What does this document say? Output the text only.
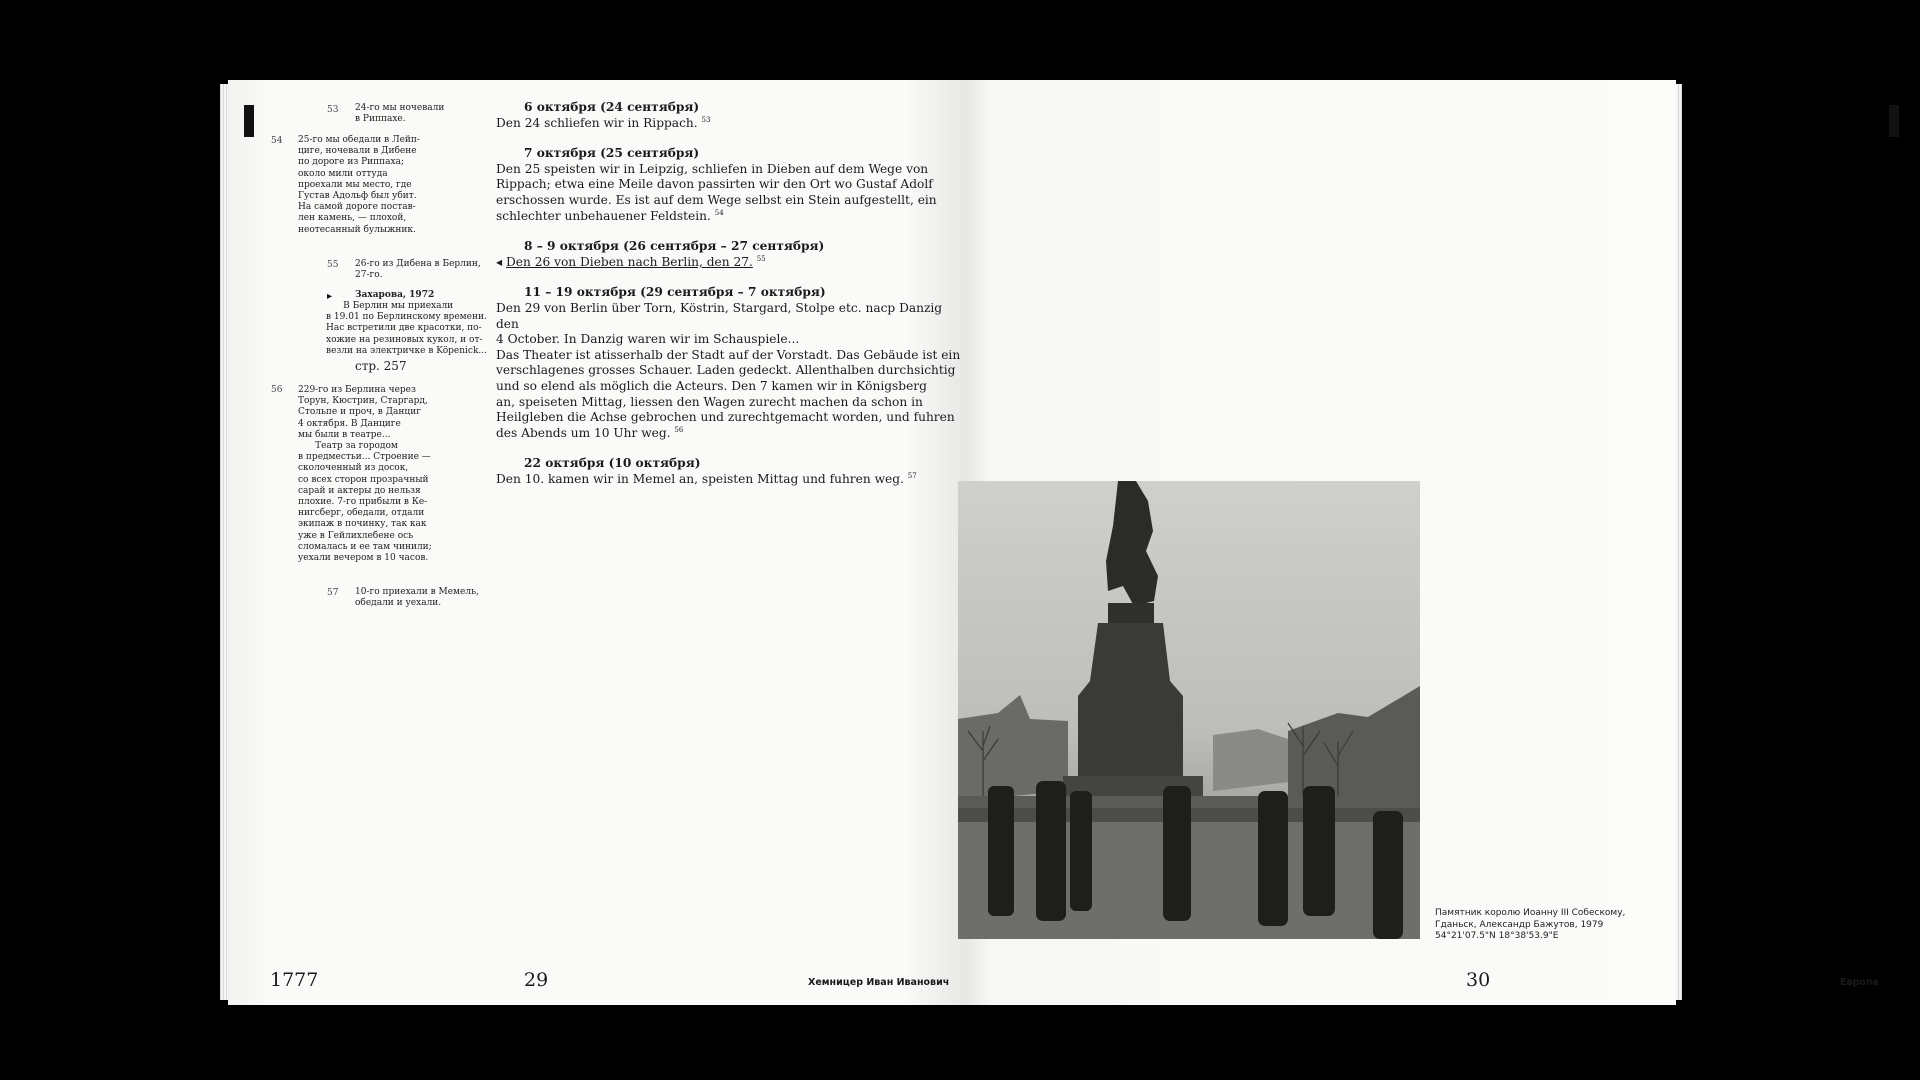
53 24-го мы ночевали
в Риппахе.
54 25-го мы обедали в Лейп-
циге, ночевали в Дибене
по дороге из Риппаха;
около мили оттуда
проехали мы место, где
Густав Адольф был убит.
На самой дороге постав-
лен камень, — плохой,
неотесанный булыжник.
55 26-го из Дибена в Берлин,
27-го.
▸	Захарова, 1972
В Берлин мы приехали
в 19.01 по Берлинскому времени.
Нас встретили две красотки, по-
хожие на резиновых кукол, и от-
везли на электричке в Köpenick...
стр. 257
56 229-го из Берлина через
Торун, Кюстрин, Старгард,
Стольпе и проч, в Данциг
4 октября. В Данциге
мы были в театре...
Театр за городом
в предместьи... Строение —
сколоченный из досок,
со всех сторон прозрачный
сарай и актеры до нельзя
плохие. 7-го прибыли в Ке-
нигсберг, обедали, отдали
экипаж в починку, так как
уже в Гейлихлебене ось
сломалась и ее там чинили;
уехали вечером в 10 часов.
57 10-го приехали в Мемель,
обедали и уехали.
6 октября (24 сентября)

Den 24 schliefen wir in Rippach. $^{53}$

7 октября (25 сентября)

Den 25 speisten wir in Leipzig, schliefen in Dieben auf dem Wege von
Rippach; etwa eine Meile davon passirten wir den Ort wo Gustaf Adolf
erschossen wurde. Es ist auf dem Wege selbst ein Stein aufgestellt, ein
schlechter unbehauener Feldstein. $^{54}$

8 – 9 октября (26 сентября – 27 сентября)

◂ Den 26 von Dieben nach Berlin, den 27. $^{55}$

11 – 19 октября (29 сентября – 7 октября)

Den 29 von Berlin über Torn, Köstrin, Stargard, Stolpe etc. nacp Danzig den
4 October. In Danzig waren wir im Schauspiele...
Das Theater ist atisserhalb der Stadt auf der Vorstadt. Das Gebäude ist ein
verschlagenes grosses Schauer. Laden gedeckt. Allenthalben durchsichtig
und so elend als möglich die Acteurs. Den 7 kamen wir in Königsberg
an, speiseten Mittag, liessen den Wagen zurecht machen da schon in
Heilgleben die Achse gebrochen und zurechtgemacht worden, und fuhren
des Abends um 10 Uhr weg. $^{56}$

22 октября (10 октября)

Den 10. kamen wir in Memel an, speisten Mittag und fuhren weg. $^{57}$

1777	29	Хемницер Иван Иванович	30	Европа
Памятник королю Иоанну III Собескому,
Гданьск, Александр Бажутов, 1979
54°21'07.5"N 18°38'53.9"E
